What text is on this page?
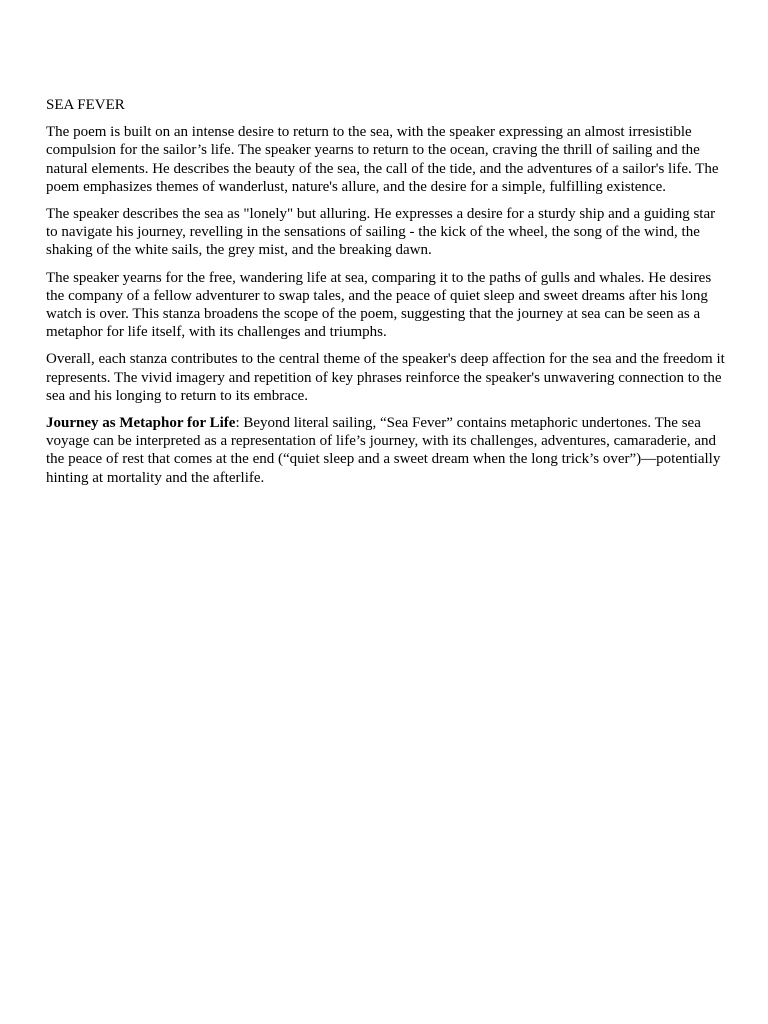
SEA FEVER

The poem is built on an intense desire to return to the sea, with the speaker expressing an almost irresistible compulsion for the sailor’s life. The speaker yearns to return to the ocean, craving the thrill of sailing and the natural elements. He describes the beauty of the sea, the call of the tide, and the adventures of a sailor's life. The poem emphasizes themes of wanderlust, nature's allure, and the desire for a simple, fulfilling existence.

The speaker describes the sea as "lonely" but alluring. He expresses a desire for a sturdy ship and a guiding star to navigate his journey, revelling in the sensations of sailing - the kick of the wheel, the song of the wind, the shaking of the white sails, the grey mist, and the breaking dawn.

The speaker yearns for the free, wandering life at sea, comparing it to the paths of gulls and whales. He desires the company of a fellow adventurer to swap tales, and the peace of quiet sleep and sweet dreams after his long watch is over. This stanza broadens the scope of the poem, suggesting that the journey at sea can be seen as a metaphor for life itself, with its challenges and triumphs.

Overall, each stanza contributes to the central theme of the speaker's deep affection for the sea and the freedom it represents. The vivid imagery and repetition of key phrases reinforce the speaker's unwavering connection to the sea and his longing to return to its embrace.

Journey as Metaphor for Life: Beyond literal sailing, “Sea Fever” contains metaphoric undertones. The sea voyage can be interpreted as a representation of life’s journey, with its challenges, adventures, camaraderie, and the peace of rest that comes at the end (“quiet sleep and a sweet dream when the long trick’s over”)—potentially hinting at mortality and the afterlife.
